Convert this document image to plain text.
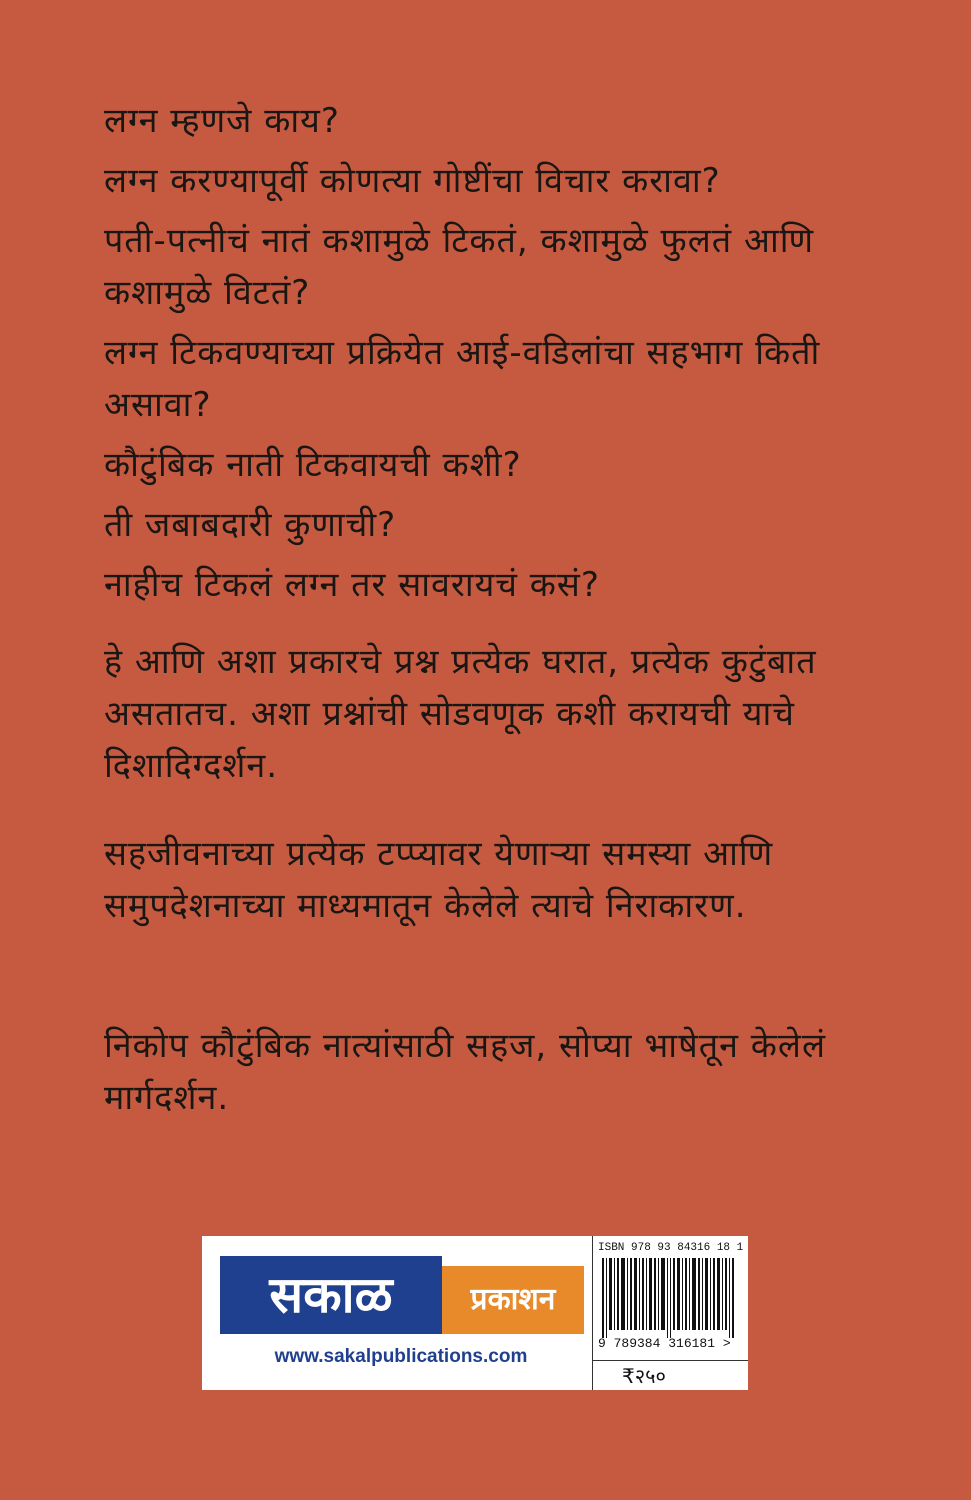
लग्न म्हणजे काय?

लग्न करण्यापूर्वी कोणत्या गोष्टींचा विचार करावा?

पती-पत्नीचं नातं कशामुळे टिकतं, कशामुळे फुलतं आणि कशामुळे विटतं?

लग्न टिकवण्याच्या प्रक्रियेत आई-वडिलांचा सहभाग किती असावा?

कौटुंबिक नाती टिकवायची कशी?

ती जबाबदारी कुणाची?

नाहीच टिकलं लग्न तर सावरायचं कसं?

हे आणि अशा प्रकारचे प्रश्न प्रत्येक घरात, प्रत्येक कुटुंबात असतातच. अशा प्रश्नांची सोडवणूक कशी करायची याचे दिशादिग्दर्शन.

सहजीवनाच्या प्रत्येक टप्प्यावर येणाऱ्या समस्या आणि समुपदेशनाच्या माध्यमातून केलेले त्याचे निराकारण.

निकोप कौटुंबिक नात्यांसाठी सहज, सोप्या भाषेतून केलेलं मार्गदर्शन.

सकाळ	प्रकाशन
www.sakalpublications.com
ISBN 978 93 84316 18 1
9 789384 316181 >
₹२५०
